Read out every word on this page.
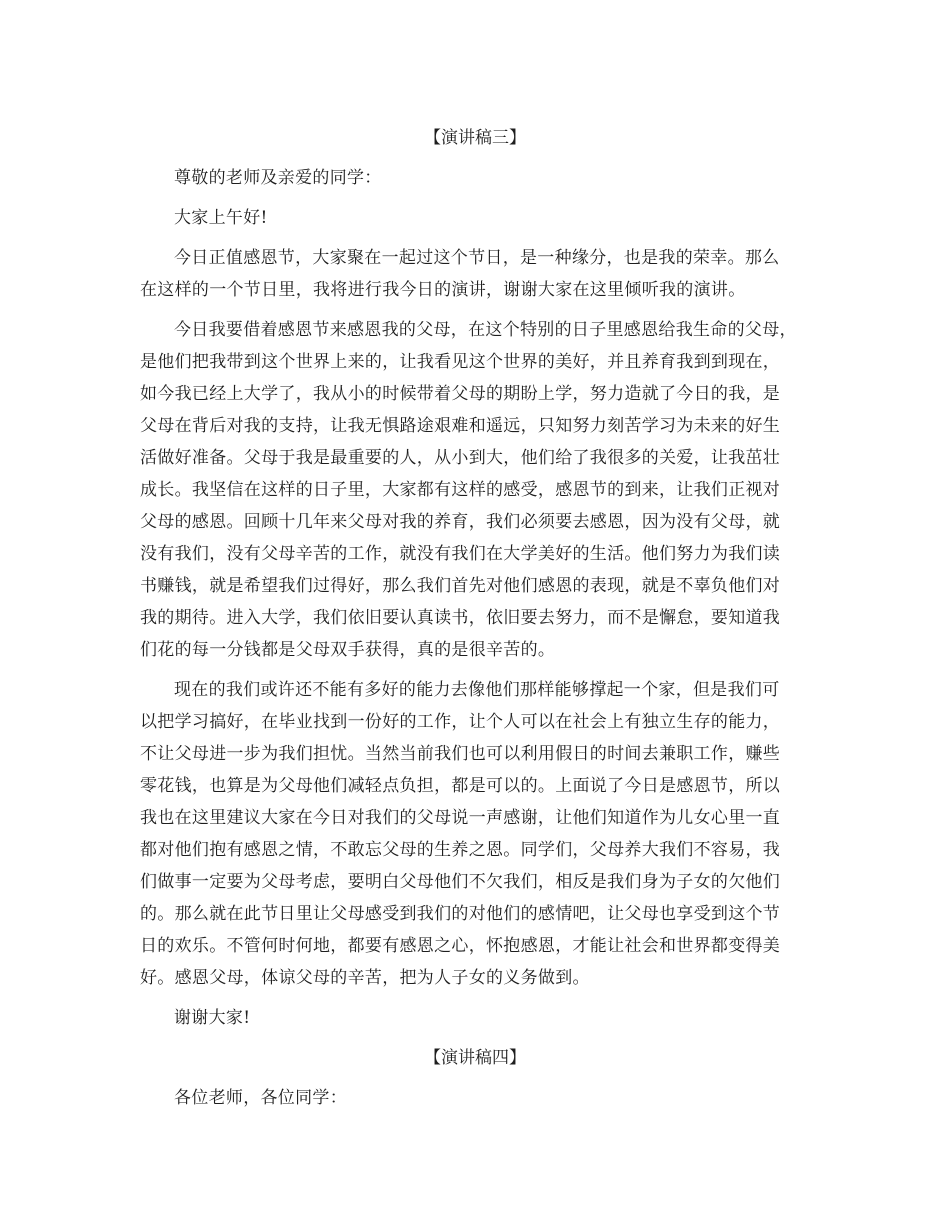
【演讲稿三】

尊敬的老师及亲爱的同学：

大家上午好!

今日正值感恩节，大家聚在一起过这个节日，是一种缘分，也是我的荣幸。那么
在这样的一个节日里，我将进行我今日的演讲，谢谢大家在这里倾听我的演讲。
今日我要借着感恩节来感恩我的父母，在这个特别的日子里感恩给我生命的父母，
是他们把我带到这个世界上来的，让我看见这个世界的美好，并且养育我到到现在，
如今我已经上大学了，我从小的时候带着父母的期盼上学，努力造就了今日的我，是
父母在背后对我的支持，让我无惧路途艰难和遥远，只知努力刻苦学习为未来的好生
活做好准备。父母于我是最重要的人，从小到大，他们给了我很多的关爱，让我茁壮
成长。我坚信在这样的日子里，大家都有这样的感受，感恩节的到来，让我们正视对
父母的感恩。回顾十几年来父母对我的养育，我们必须要去感恩，因为没有父母，就
没有我们，没有父母辛苦的工作，就没有我们在大学美好的生活。他们努力为我们读
书赚钱，就是希望我们过得好，那么我们首先对他们感恩的表现，就是不辜负他们对
我的期待。进入大学，我们依旧要认真读书，依旧要去努力，而不是懈怠，要知道我
们花的每一分钱都是父母双手获得，真的是很辛苦的。
现在的我们或许还不能有多好的能力去像他们那样能够撑起一个家，但是我们可
以把学习搞好，在毕业找到一份好的工作，让个人可以在社会上有独立生存的能力，
不让父母进一步为我们担忧。当然当前我们也可以利用假日的时间去兼职工作，赚些
零花钱，也算是为父母他们减轻点负担，都是可以的。上面说了今日是感恩节，所以
我也在这里建议大家在今日对我们的父母说一声感谢，让他们知道作为儿女心里一直
都对他们抱有感恩之情，不敢忘父母的生养之恩。同学们，父母养大我们不容易，我
们做事一定要为父母考虑，要明白父母他们不欠我们，相反是我们身为子女的欠他们
的。那么就在此节日里让父母感受到我们的对他们的感情吧，让父母也享受到这个节
日的欢乐。不管何时何地，都要有感恩之心，怀抱感恩，才能让社会和世界都变得美
好。感恩父母，体谅父母的辛苦，把为人子女的义务做到。

谢谢大家!

【演讲稿四】

各位老师，各位同学：
